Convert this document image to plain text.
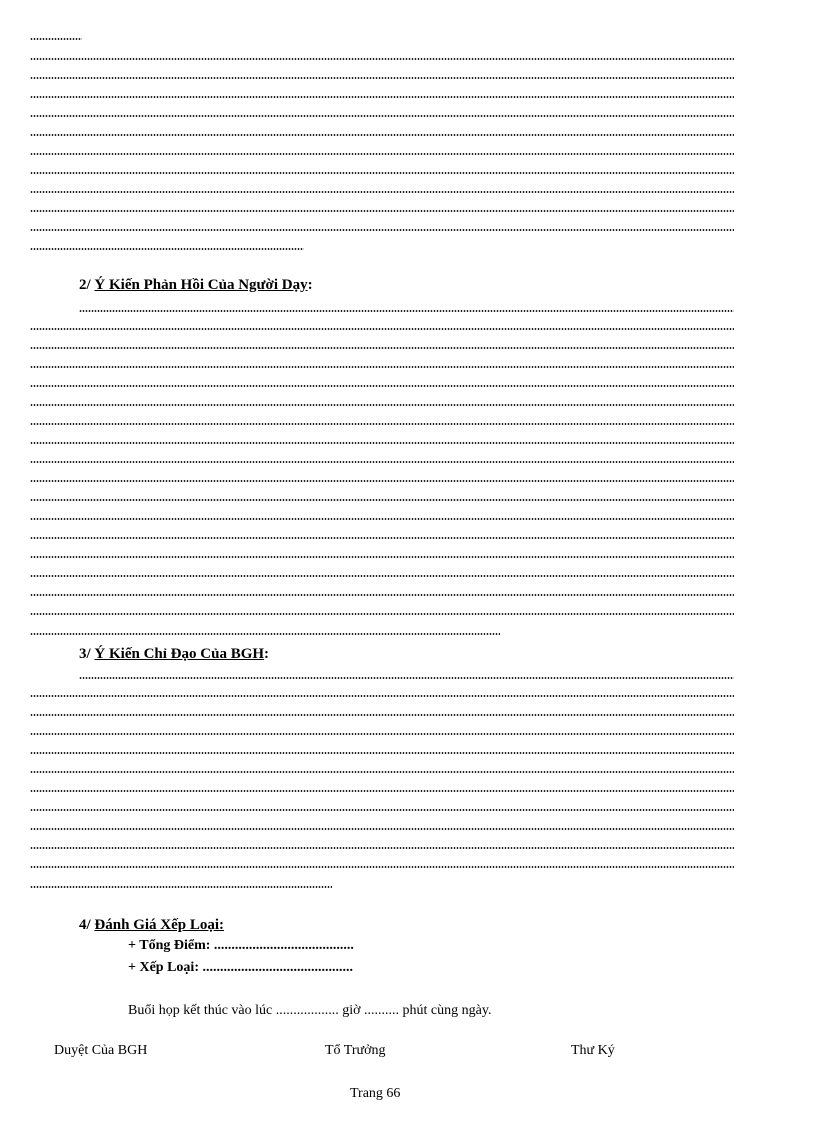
2/ Ý Kiến Phản Hồi Của Người Dạy:
3/ Ý Kiến Chỉ Đạo Của BGH:
4/ Đánh Giá Xếp Loại:
+ Tổng Điểm: ........................................
+ Xếp Loại: ...........................................
Buổi họp kết thúc vào lúc .................. giờ .......... phút cùng ngày.
Duyệt Của BGH	Tổ Trưởng	Thư Ký
Trang 66
